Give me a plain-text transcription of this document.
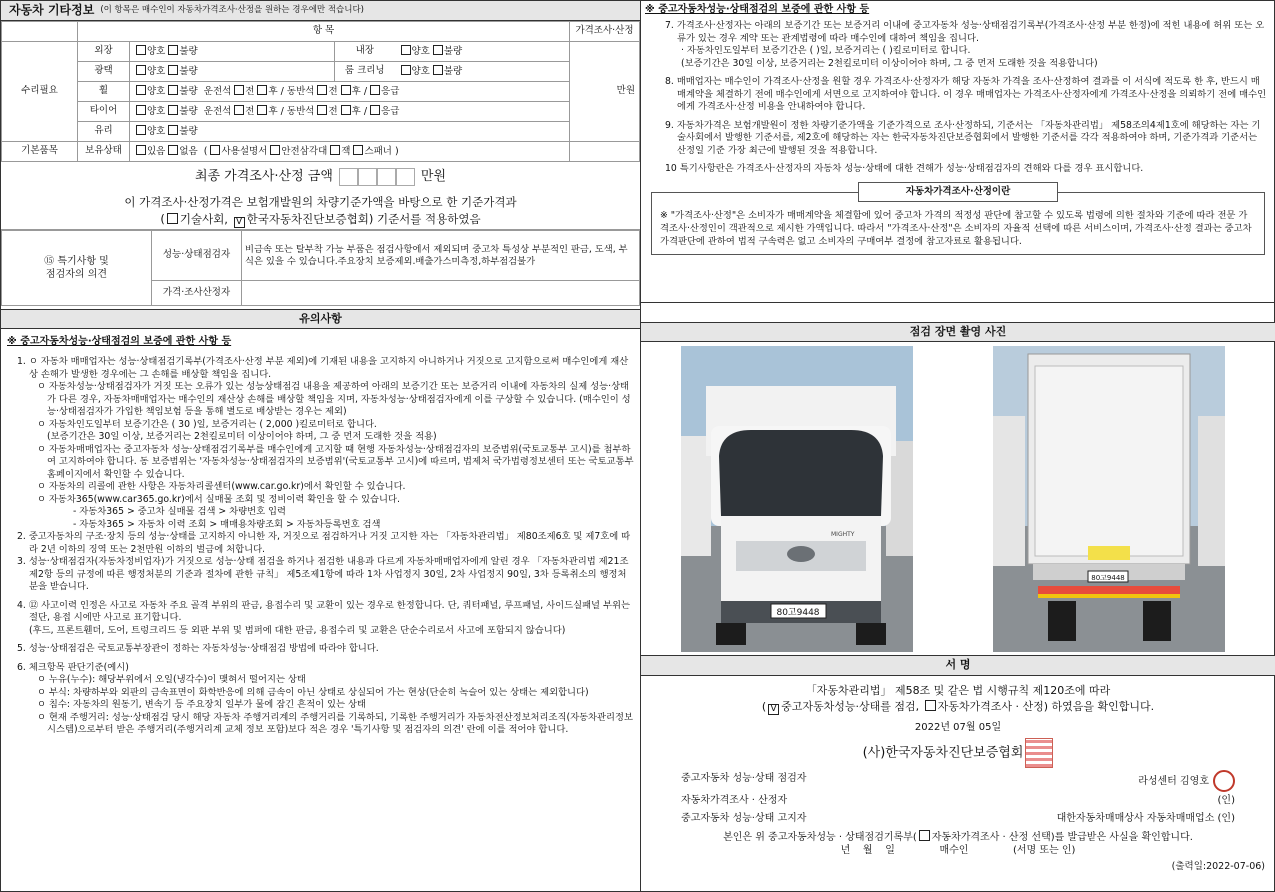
자동차 기타정보 (이 항목은 매수인이 자동차가격조사·산정을 원하는 경우에만 적습니다)
	항 목				가격조사·산정
수리필요	외장	양호 불량	내장	양호 불량	만원
	광택	양호 불량	룸 크리닝	양호 불량	
	휠	양호 불량 운전석 전 후 / 동반석 전 후 / 응급			
	타이어	양호 불량 운전석 전 후 / 동반석 전 후 / 응급			
	유리	양호 불량			
기본품목	보유상태	있음 없음 ( 사용설명서 안전삼각대 잭 스패너 )			
최종 가격조사·산정 금액	만원
이 가격조사·산정가격은 보험개발원의 차량기준가액을 바탕으로 한 기준가격과
( 기술사회, V 한국자동차진단보증협회) 기준서를 적용하였음
⑮ 특기사항 및
점검자의 의견	성능·상태점검자	비금속 또는 탈부착 가능 부품은 점검사항에서 제외되며 중고차 특성상 부분적인 판금, 도색, 부식은 있을 수 있습니다.주요장치 보증제외.배출가스미측정,하부점검불가
	가격·조사산정자	
유의사항
※ 중고자동차성능·상태점검의 보증에 관한 사항 등
1. ㅇ 자동차 매매업자는 성능·상태점검기록부(가격조사·산정 부분 제외)에 기재된 내용을 고지하지 아니하거나 거짓으로 고지함으로써 매수인에게 재산상 손해가 발생한 경우에는 그 손해를 배상할 책임을 집니다.
ㅇ 자동차성능·상태점검자가 거짓 또는 오류가 있는 성능상태점검 내용을 제공하여 아래의 보증기간 또는 보증거리 이내에 자동차의 실제 성능·상태가 다른 경우, 자동차매매업자는 매수인의 재산상 손해를 배상할 책임을 지며, 자동차성능·상태점검자에게 이를 구상할 수 있습니다. (매수인이 성능·상태점검자가 가입한 책임보험 등을 통해 별도로 배상받는 경우는 제외)
ㅇ 자동차인도일부터 보증기간은 ( 30 )일, 보증거리는 ( 2,000 )킬로미터로 합니다.
(보증기간은 30일 이상, 보증거리는 2천킬로미터 이상이어야 하며, 그 중 먼저 도래한 것을 적용)
ㅇ 자동차매매업자는 중고자동차 성능·상태점검기록부를 매수인에게 고지할 때 현행 자동차성능·상태점검자의 보증범위(국토교통부 고시)를 첨부하여 고지하여야 합니다. 동 보증범위는 '자동차성능·상태점검자의 보증범위'(국토교통부 고시)에 따르며, 법제처 국가법령정보센터 또는 국토교통부 홈페이지에서 확인할 수 있습니다.
ㅇ 자동차의 리콜에 관한 사항은 자동차리콜센터(www.car.go.kr)에서 확인할 수 있습니다.
ㅇ 자동차365(www.car365.go.kr)에서 실매물 조회 및 정비이력 확인을 할 수 있습니다.
- 자동차365 > 중고차 실매물 검색 > 차량번호 입력
- 자동차365 > 자동차 이력 조회 > 매매용차량조회 > 자동차등록번호 검색
2. 중고자동차의 구조·장치 등의 성능·상태를 고지하지 아니한 자, 거짓으로 점검하거나 거짓 고지한 자는 「자동차관리법」 제80조제6호 및 제7호에 따라 2년 이하의 징역 또는 2천만원 이하의 벌금에 처합니다.
3. 성능·상태점검자(자동차정비업자)가 거짓으로 성능·상태 점검을 하거나 점검한 내용과 다르게 자동차매매업자에게 알린 경우 「자동차관리법 제21조제2항 등의 규정에 따른 행정처분의 기준과 절차에 관한 규칙」 제5조제1항에 따라 1차 사업정지 30일, 2차 사업정지 90일, 3차 등록취소의 행정처분을 받습니다.
4. ⑫ 사고이력 인정은 사고로 자동차 주요 골격 부위의 판금, 용접수리 및 교환이 있는 경우로 한정합니다. 단, 쿼터패널, 루프패널, 사이드실패널 부위는 절단, 용접 시에만 사고로 표기합니다.
(후드, 프론트휀더, 도어, 트렁크리드 등 외판 부위 및 범퍼에 대한 판금, 용접수리 및 교환은 단순수리로서 사고에 포함되지 않습니다)
5. 성능·상태점검은 국토교통부장관이 정하는 자동차성능·상태점검 방법에 따라야 합니다.
6. 체크항목 판단기준(예시)
ㅇ 누유(누수): 해당부위에서 오일(냉각수)이 맺혀서 떨어지는 상태
ㅇ 부식: 차량하부와 외판의 금속표면이 화학반응에 의해 금속이 아닌 상태로 상실되어 가는 현상(단순히 녹슬어 있는 상태는 제외합니다)
ㅇ 침수: 자동차의 원동기, 변속기 등 주요장치 일부가 물에 잠긴 흔적이 있는 상태
ㅇ 현재 주행거리: 성능·상태점검 당시 해당 자동차 주행거리계의 주행거리를 기록하되, 기록한 주행거리가 자동차전산정보처리조직(자동차관리정보시스템)으로부터 받은 주행거리(주행거리계 교체 정보 포함)보다 적은 경우 '특기사항 및 점검자의 의견' 란에 이를 적어야 합니다.
※ 중고자동차성능·상태점검의 보증에 관한 사항 등

7. 가격조사·산정자는 아래의 보증기간 또는 보증거리 이내에 중고자동차 성능·상태점검기록부(가격조사·산정 부분 한정)에 적힌 내용에 허위 또는 오류가 있는 경우 계약 또는 관계법령에 따라 매수인에 대하여 책임을 집니다.

· 자동차인도일부터 보증기간은 ( )일, 보증거리는 ( )킬로미터로 합니다.

(보증기간은 30일 이상, 보증거리는 2천킬로미터 이상이어야 하며, 그 중 먼저 도래한 것을 적용합니다)

8. 매매업자는 매수인이 가격조사·산정을 원할 경우 가격조사·산정자가 해당 자동차 가격을 조사·산정하여 결과를 이 서식에 적도록 한 후, 반드시 매매계약을 체결하기 전에 매수인에게 서면으로 고지하여야 합니다. 이 경우 매매업자는 가격조사·산정자에게 가격조사·산정을 의뢰하기 전에 매수인에게 가격조사·산정 비용을 안내하여야 합니다.

9. 자동차가격은 보험개발원이 정한 차량기준가액을 기준가격으로 조사·산정하되, 기준서는 「자동차관리법」 제58조의4제1호에 해당하는 자는 기술사회에서 발행한 기준서를, 제2호에 해당하는 자는 한국자동차진단보증협회에서 발행한 기준서를 각각 적용하여야 하며, 기준가격과 기준서는 산정일 기준 가장 최근에 발행된 것을 적용합니다.

10 특기사항란은 가격조사·산정자의 자동차 성능·상태에 대한 견해가 성능·상태점검자의 견해와 다를 경우 표시합니다.

자동차가격조사·산정이란
※ "가격조사·산정"은 소비자가 매매계약을 체결함에 있어 중고차 가격의 적정성 판단에 참고할 수 있도록 법령에 의한 절차와 기준에 따라 전문 가격조사·산정인이 객관적으로 제시한 가액입니다. 따라서 "가격조사·산정"은 소비자의 자율적 선택에 따른 서비스이며, 가격조사·산정 결과는 중고차 가격판단에 관하여 법적 구속력은 없고 소비자의 구매여부 결정에 참고자료로 활용됩니다.
점검 장면 촬영 사진
MIGHTY
80고9448
80고9448
서 명
「자동차관리법」 제58조 및 같은 법 시행규칙 제120조에 따라
( V 중고자동차성능·상태를 점검, 자동차가격조사 · 산정) 하였음을 확인합니다.
2022년 07월 05일
(사)한국자동차진단보증협회
중고자동차 성능·상태 점검자	라성센터 김영호
자동차가격조사 · 산정자	(인)
중고자동차 성능·상태 고지자	대한자동차매매상사 자동차매매업소 (인)
본인은 위 중고자동차성능 · 상태점검기록부( 자동차가격조사 · 산정 선택)를 발급받은 사실을 확인합니다.
년    월    일              매수인              (서명 또는 인)
(출력일:2022-07-06)
